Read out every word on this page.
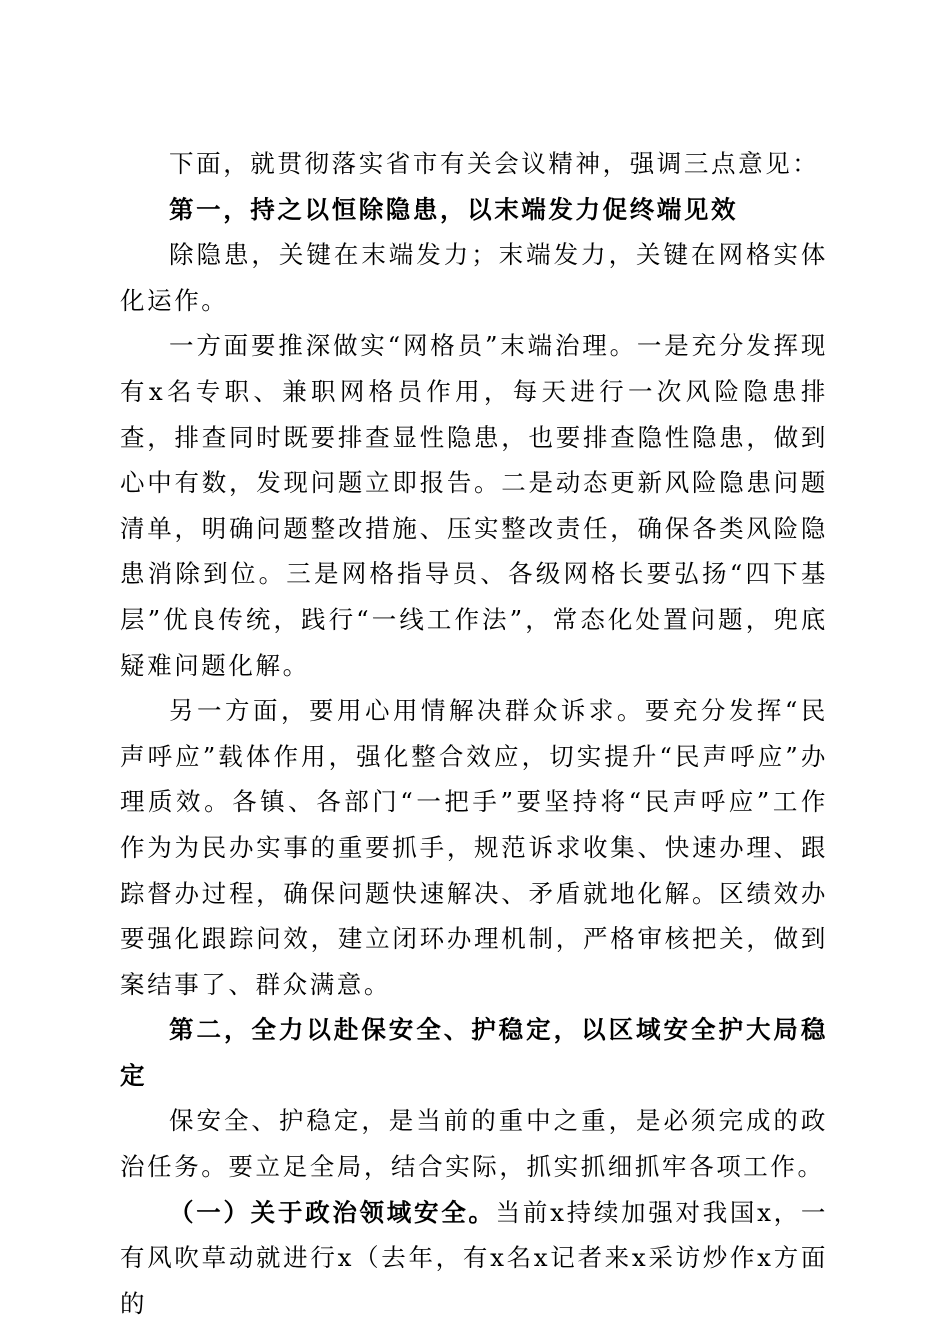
下面，就贯彻落实省市有关会议精神，强调三点意见：

第一，持之以恒除隐患，以末端发力促终端见效

除隐患，关键在末端发力；末端发力，关键在网格实体化运作。

一方面要推深做实“网格员”末端治理。一是充分发挥现有x名专职、兼职网格员作用，每天进行一次风险隐患排查，排查同时既要排查显性隐患，也要排查隐性隐患，做到心中有数，发现问题立即报告。二是动态更新风险隐患问题清单，明确问题整改措施、压实整改责任，确保各类风险隐患消除到位。三是网格指导员、各级网格长要弘扬“四下基层”优良传统，践行“一线工作法”，常态化处置问题，兜底疑难问题化解。

另一方面，要用心用情解决群众诉求。要充分发挥“民声呼应”载体作用，强化整合效应，切实提升“民声呼应”办理质效。各镇、各部门“一把手”要坚持将“民声呼应”工作作为为民办实事的重要抓手，规范诉求收集、快速办理、跟踪督办过程，确保问题快速解决、矛盾就地化解。区绩效办要强化跟踪问效，建立闭环办理机制，严格审核把关，做到案结事了、群众满意。

第二，全力以赴保安全、护稳定，以区域安全护大局稳定

保安全、护稳定，是当前的重中之重，是必须完成的政治任务。要立足全局，结合实际，抓实抓细抓牢各项工作。

（一）关于政治领域安全。当前x持续加强对我国x，一有风吹草动就进行x（去年，有x名x记者来x采访炒作x方面的
